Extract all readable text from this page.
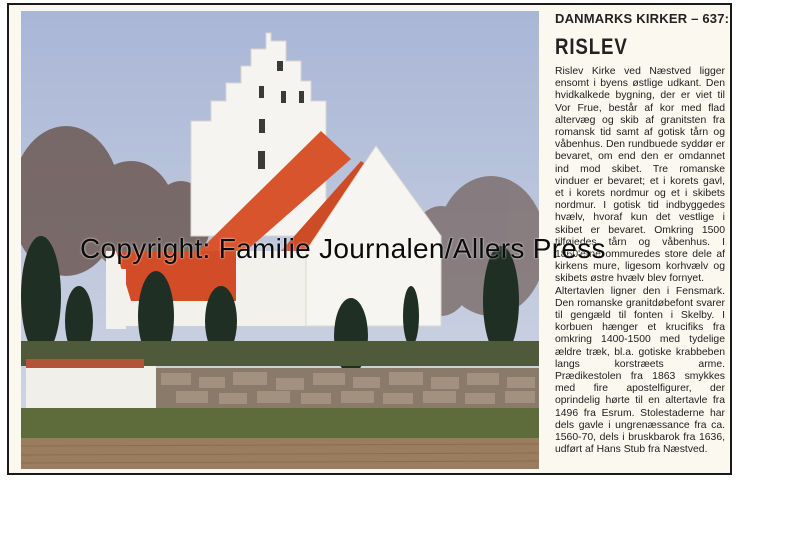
DANMARKS KIRKER – 637:
RISLEV
Rislev Kirke ved Næstved ligger ensomt i byens østlige udkant. Den hvidkalkede bygning, der er viet til Vor Frue, består af kor med flad altervæg og skib af granitsten fra romansk tid samt af gotisk tårn og våbenhus. Den rundbuede syddør er bevaret, om end den er omdannet ind mod skibet. Tre romanske vinduer er bevaret; et i korets gavl, et i korets nordmur og et i skibets nordmur. I gotisk tid indbyggedes hvælv, hvoraf kun det vestlige i skibet er bevaret. Omkring 1500 tilføjedes tårn og våbenhus. I 1860'erne ommuredes store dele af kirkens mure, ligesom korhvælv og skibets østre hvælv blev fornyet.
Altertavlen ligner den i Fensmark. Den romanske granitdøbefont svarer til gengæld til fonten i Skelby. I korbuen hænger et krucifiks fra omkring 1400-1500 med tydelige ældre træk, bl.a. gotiske krabbeben langs korstræets arme. Prædikestolen fra 1863 smykkes med fire apostelfigurer, der oprindelig hørte til en altertavle fra 1496 fra Esrum. Stolestaderne har dels gavle i ungrenæssance fra ca. 1560-70, dels i bruskbarok fra 1636, udført af Hans Stub fra Næstved.
Copyright: Familie Journalen/Allers Press
